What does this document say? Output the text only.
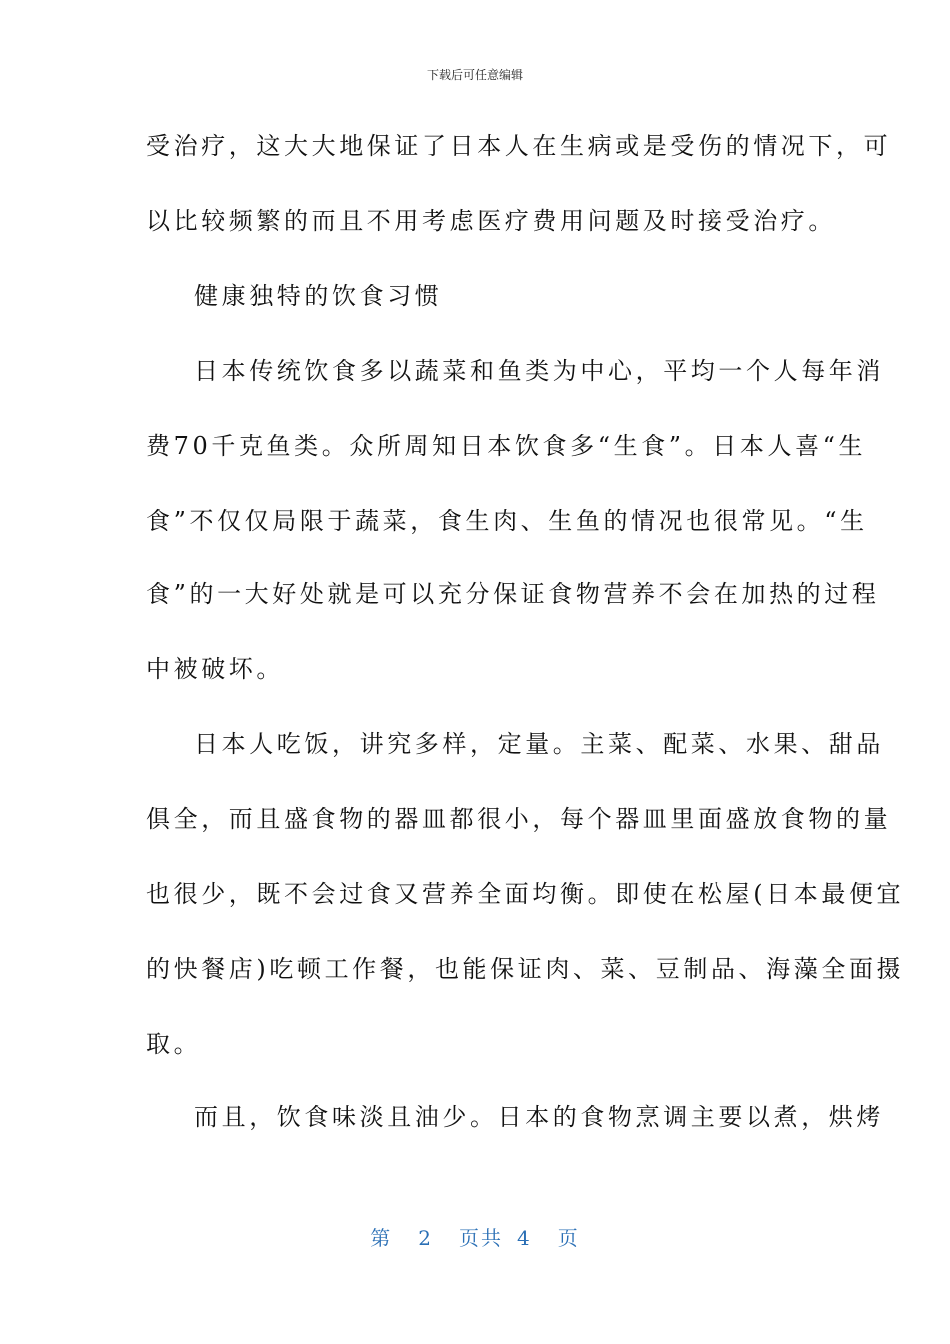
下载后可任意编辑
受治疗，这大大地保证了日本人在生病或是受伤的情况下，可
以比较频繁的而且不用考虑医疗费用问题及时接受治疗。
健康独特的饮食习惯
日本传统饮食多以蔬菜和鱼类为中心，平均一个人每年消
费70千克鱼类。众所周知日本饮食多“生食”。日本人喜“生
食”不仅仅局限于蔬菜，食生肉、生鱼的情况也很常见。“生
食”的一大好处就是可以充分保证食物营养不会在加热的过程
中被破坏。
日本人吃饭，讲究多样，定量。主菜、配菜、水果、甜品
俱全，而且盛食物的器皿都很小，每个器皿里面盛放食物的量
也很少，既不会过食又营养全面均衡。即使在松屋(日本最便宜
的快餐店)吃顿工作餐，也能保证肉、菜、豆制品、海藻全面摄
取。
而且，饮食味淡且油少。日本的食物烹调主要以煮，烘烤
第 2 页共 4 页
